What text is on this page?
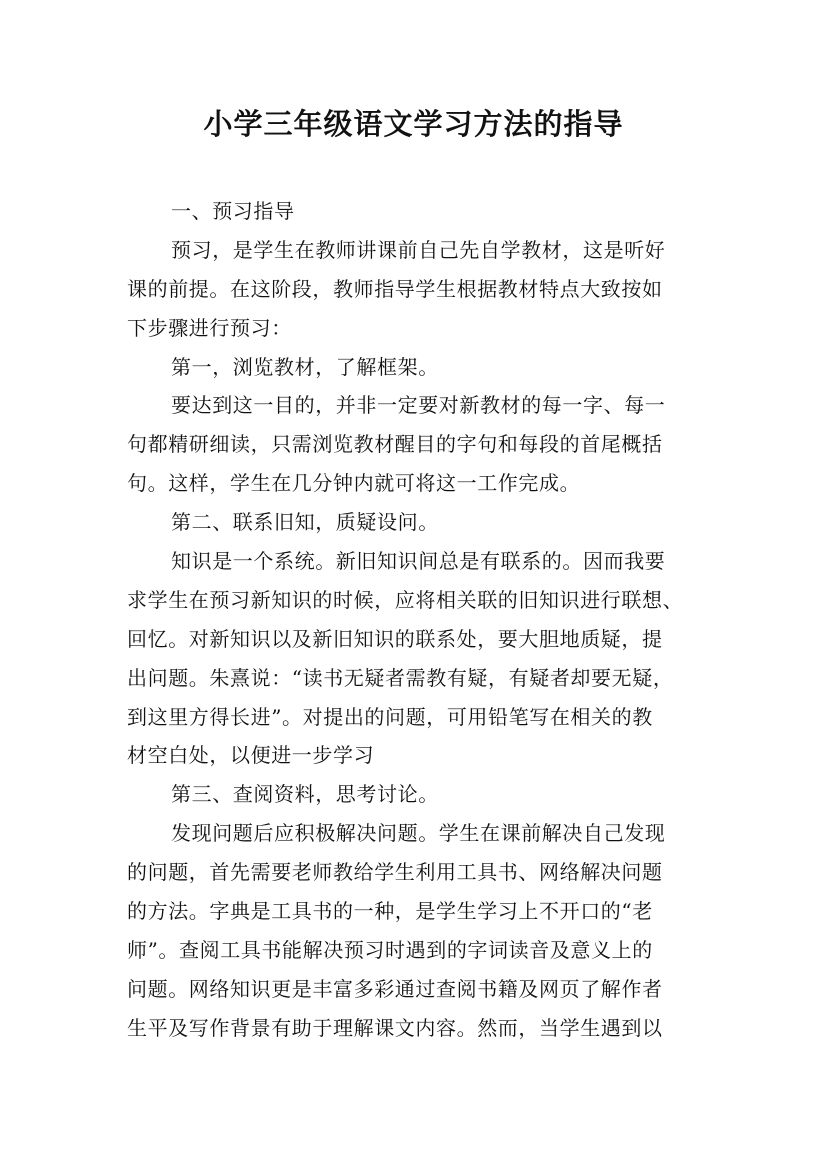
小学三年级语文学习方法的指导
一、预习指导
预习，是学生在教师讲课前自己先自学教材，这是听好
课的前提。在这阶段，教师指导学生根据教材特点大致按如
下步骤进行预习：
第一，浏览教材，了解框架。
要达到这一目的，并非一定要对新教材的每一字、每一
句都精研细读，只需浏览教材醒目的字句和每段的首尾概括
句。这样，学生在几分钟内就可将这一工作完成。
第二、联系旧知，质疑设问。
知识是一个系统。新旧知识间总是有联系的。因而我要
求学生在预习新知识的时候，应将相关联的旧知识进行联想、
回忆。对新知识以及新旧知识的联系处，要大胆地质疑，提
出问题。朱熹说：“读书无疑者需教有疑，有疑者却要无疑，
到这里方得长进”。对提出的问题，可用铅笔写在相关的教
材空白处，以便进一步学习
第三、查阅资料，思考讨论。
发现问题后应积极解决问题。学生在课前解决自己发现
的问题，首先需要老师教给学生利用工具书、网络解决问题
的方法。字典是工具书的一种，是学生学习上不开口的“老
师”。查阅工具书能解决预习时遇到的字词读音及意义上的
问题。网络知识更是丰富多彩通过查阅书籍及网页了解作者
生平及写作背景有助于理解课文内容。然而，当学生遇到以
